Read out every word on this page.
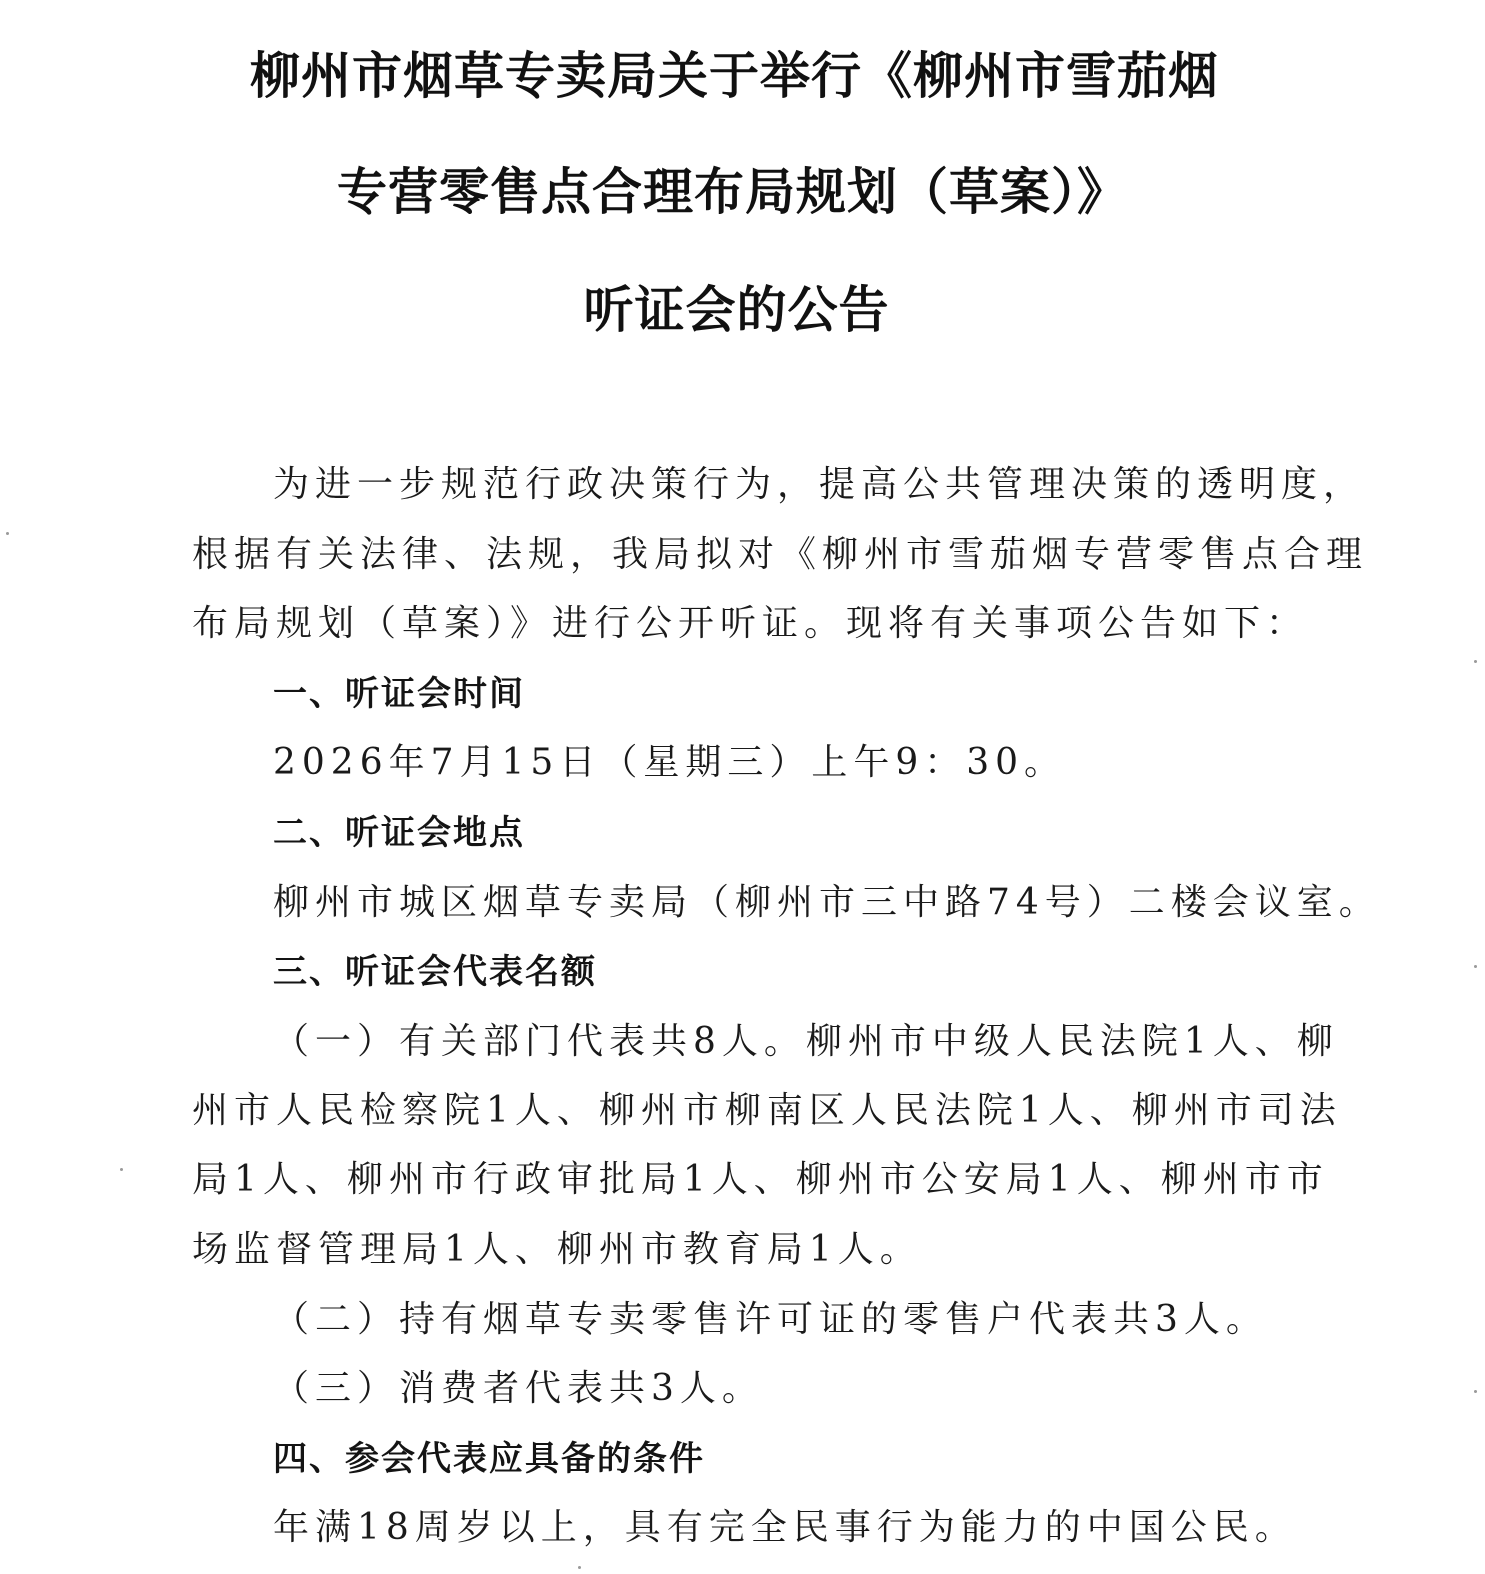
柳州市烟草专卖局关于举行《柳州市雪茄烟
专营零售点合理布局规划（草案）》
听证会的公告
为进一步规范行政决策行为，提高公共管理决策的透明度，
根据有关法律、法规，我局拟对《柳州市雪茄烟专营零售点合理
布局规划（草案）》进行公开听证。现将有关事项公告如下：
一、听证会时间
2026年7月15日（星期三）上午9：30。
二、听证会地点
柳州市城区烟草专卖局（柳州市三中路74号）二楼会议室。
三、听证会代表名额
（一）有关部门代表共8人。柳州市中级人民法院1人、柳
州市人民检察院1人、柳州市柳南区人民法院1人、柳州市司法
局1人、柳州市行政审批局1人、柳州市公安局1人、柳州市市
场监督管理局1人、柳州市教育局1人。
（二）持有烟草专卖零售许可证的零售户代表共3人。
（三）消费者代表共3人。
四、参会代表应具备的条件
年满18周岁以上，具有完全民事行为能力的中国公民。
